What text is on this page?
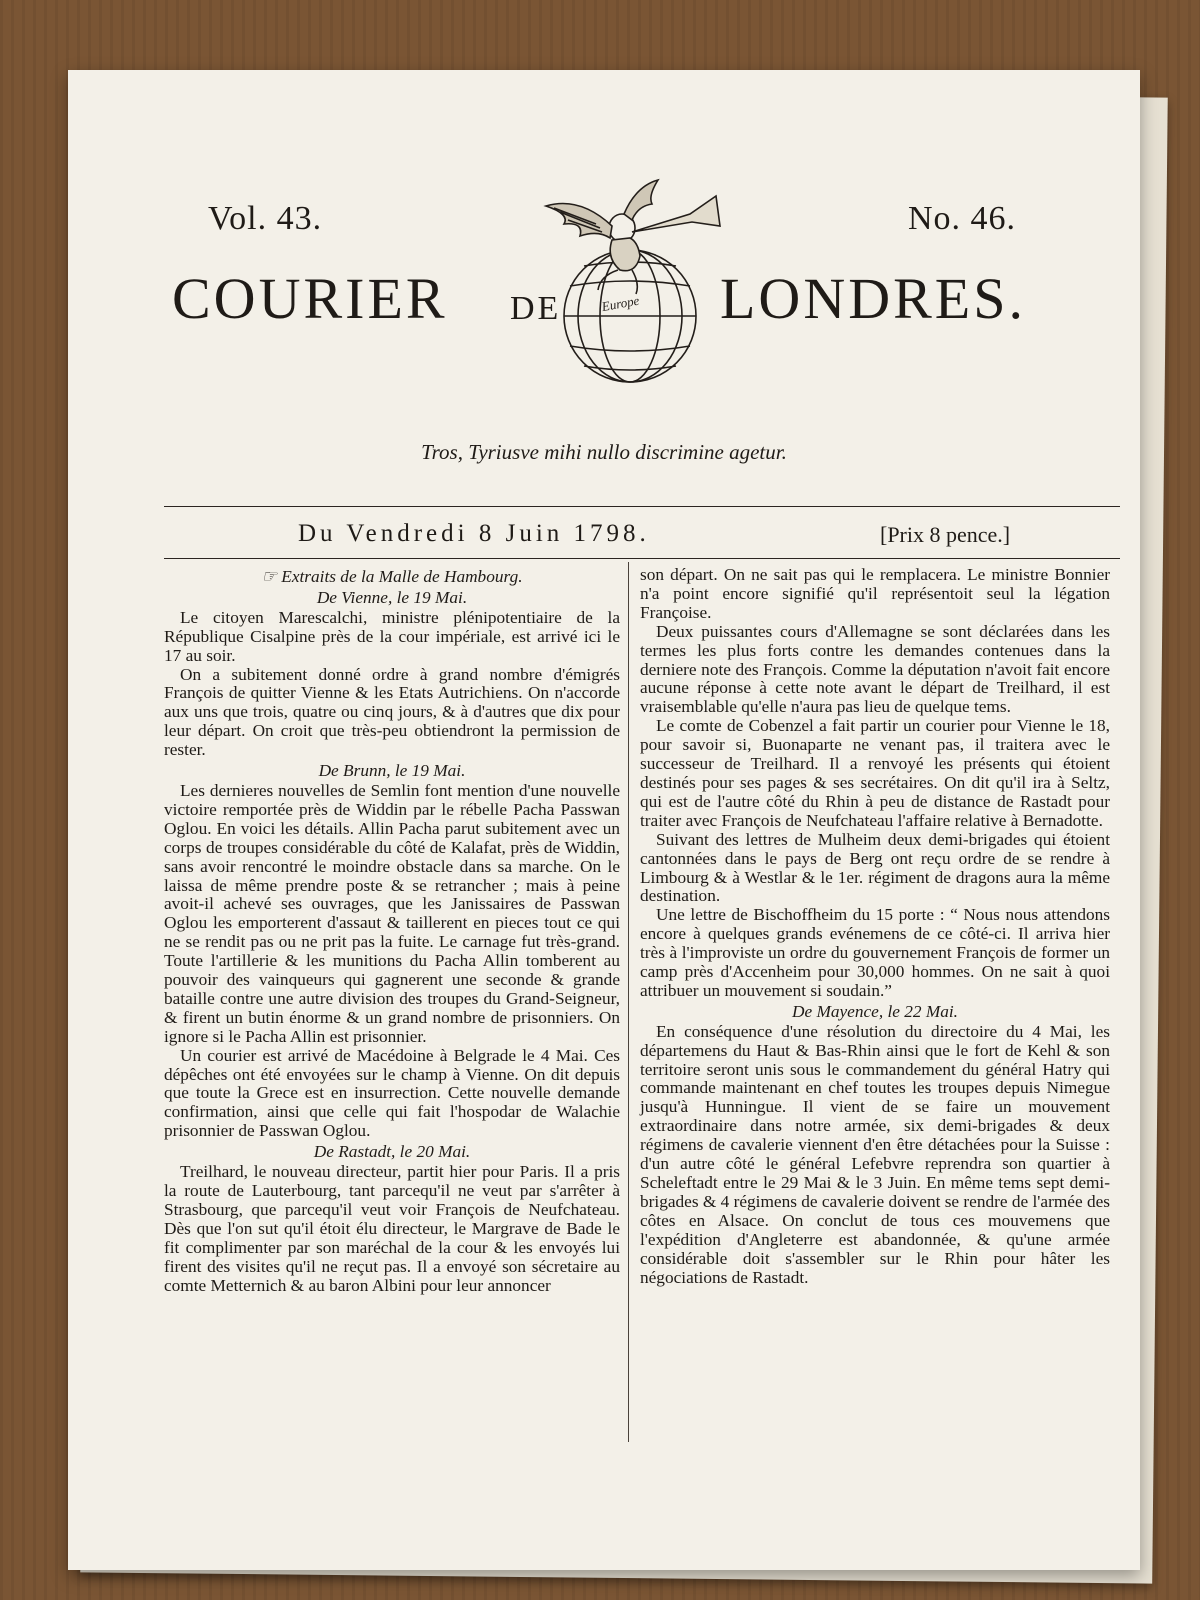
Vol. 43.	No. 46.
COURIER DE	LONDRES.
Europe
Tros, Tyriusve mihi nullo discrimine agetur.
Du Vendredi 8 Juin 1798.	[Prix 8 pence.]
☞ Extraits de la Malle de Hambourg.
De Vienne, le 19 Mai.

Le citoyen Marescalchi, ministre plénipotentiaire de la République Cisalpine près de la cour impériale, est arrivé ici le 17 au soir.

On a subitement donné ordre à grand nombre d'émigrés François de quitter Vienne & les Etats Autrichiens. On n'accorde aux uns que trois, quatre ou cinq jours, & à d'autres que dix pour leur départ. On croit que très-peu obtiendront la permission de rester.

De Brunn, le 19 Mai.

Les dernieres nouvelles de Semlin font mention d'une nouvelle victoire remportée près de Widdin par le rébelle Pacha Passwan Oglou. En voici les détails. Allin Pacha parut subitement avec un corps de troupes considérable du côté de Kalafat, près de Widdin, sans avoir rencontré le moindre obstacle dans sa marche. On le laissa de même prendre poste & se retrancher ; mais à peine avoit-il achevé ses ouvrages, que les Janissaires de Passwan Oglou les emporterent d'assaut & taillerent en pieces tout ce qui ne se rendit pas ou ne prit pas la fuite. Le carnage fut très-grand. Toute l'artillerie & les munitions du Pacha Allin tomberent au pouvoir des vainqueurs qui gagnerent une seconde & grande bataille contre une autre division des troupes du Grand-Seigneur, & firent un butin énorme & un grand nombre de prisonniers. On ignore si le Pacha Allin est prisonnier.

Un courier est arrivé de Macédoine à Belgrade le 4 Mai. Ces dépêches ont été envoyées sur le champ à Vienne. On dit depuis que toute la Grece est en insurrection. Cette nouvelle demande confirmation, ainsi que celle qui fait l'hospodar de Walachie prisonnier de Passwan Oglou.

De Rastadt, le 20 Mai.

Treilhard, le nouveau directeur, partit hier pour Paris. Il a pris la route de Lauterbourg, tant parcequ'il ne veut par s'arrêter à Strasbourg, que parcequ'il veut voir François de Neufchateau. Dès que l'on sut qu'il étoit élu directeur, le Margrave de Bade le fit complimenter par son maréchal de la cour & les envoyés lui firent des visites qu'il ne reçut pas. Il a envoyé son sécretaire au comte Metternich & au baron Albini pour leur annoncer

son départ. On ne sait pas qui le remplacera. Le ministre Bonnier n'a point encore signifié qu'il représentoit seul la légation Françoise.

Deux puissantes cours d'Allemagne se sont déclarées dans les termes les plus forts contre les demandes contenues dans la derniere note des François. Comme la députation n'avoit fait encore aucune réponse à cette note avant le départ de Treilhard, il est vraisemblable qu'elle n'aura pas lieu de quelque tems.

Le comte de Cobenzel a fait partir un courier pour Vienne le 18, pour savoir si, Buonaparte ne venant pas, il traitera avec le successeur de Treilhard. Il a renvoyé les présents qui étoient destinés pour ses pages & ses secrétaires. On dit qu'il ira à Seltz, qui est de l'autre côté du Rhin à peu de distance de Rastadt pour traiter avec François de Neufchateau l'affaire relative à Bernadotte.

Suivant des lettres de Mulheim deux demi-brigades qui étoient cantonnées dans le pays de Berg ont reçu ordre de se rendre à Limbourg & à Westlar & le 1er. régiment de dragons aura la même destination.

Une lettre de Bischoffheim du 15 porte : “ Nous nous attendons encore à quelques grands evénemens de ce côté-ci. Il arriva hier très à l'improviste un ordre du gouvernement François de former un camp près d'Accenheim pour 30,000 hommes. On ne sait à quoi attribuer un mouvement si soudain.”

De Mayence, le 22 Mai.

En conséquence d'une résolution du directoire du 4 Mai, les départemens du Haut & Bas-Rhin ainsi que le fort de Kehl & son territoire seront unis sous le commandement du général Hatry qui commande maintenant en chef toutes les troupes depuis Nimegue jusqu'à Hunningue. Il vient de se faire un mouvement extraordinaire dans notre armée, six demi-brigades & deux régimens de cavalerie viennent d'en être détachées pour la Suisse : d'un autre côté le général Lefebvre reprendra son quartier à Scheleftadt entre le 29 Mai & le 3 Juin. En même tems sept demi-brigades & 4 régimens de cavalerie doivent se rendre de l'armée des côtes en Alsace. On conclut de tous ces mouvemens que l'expédition d'Angleterre est abandonnée, & qu'une armée considérable doit s'assembler sur le Rhin pour hâter les négociations de Rastadt.
